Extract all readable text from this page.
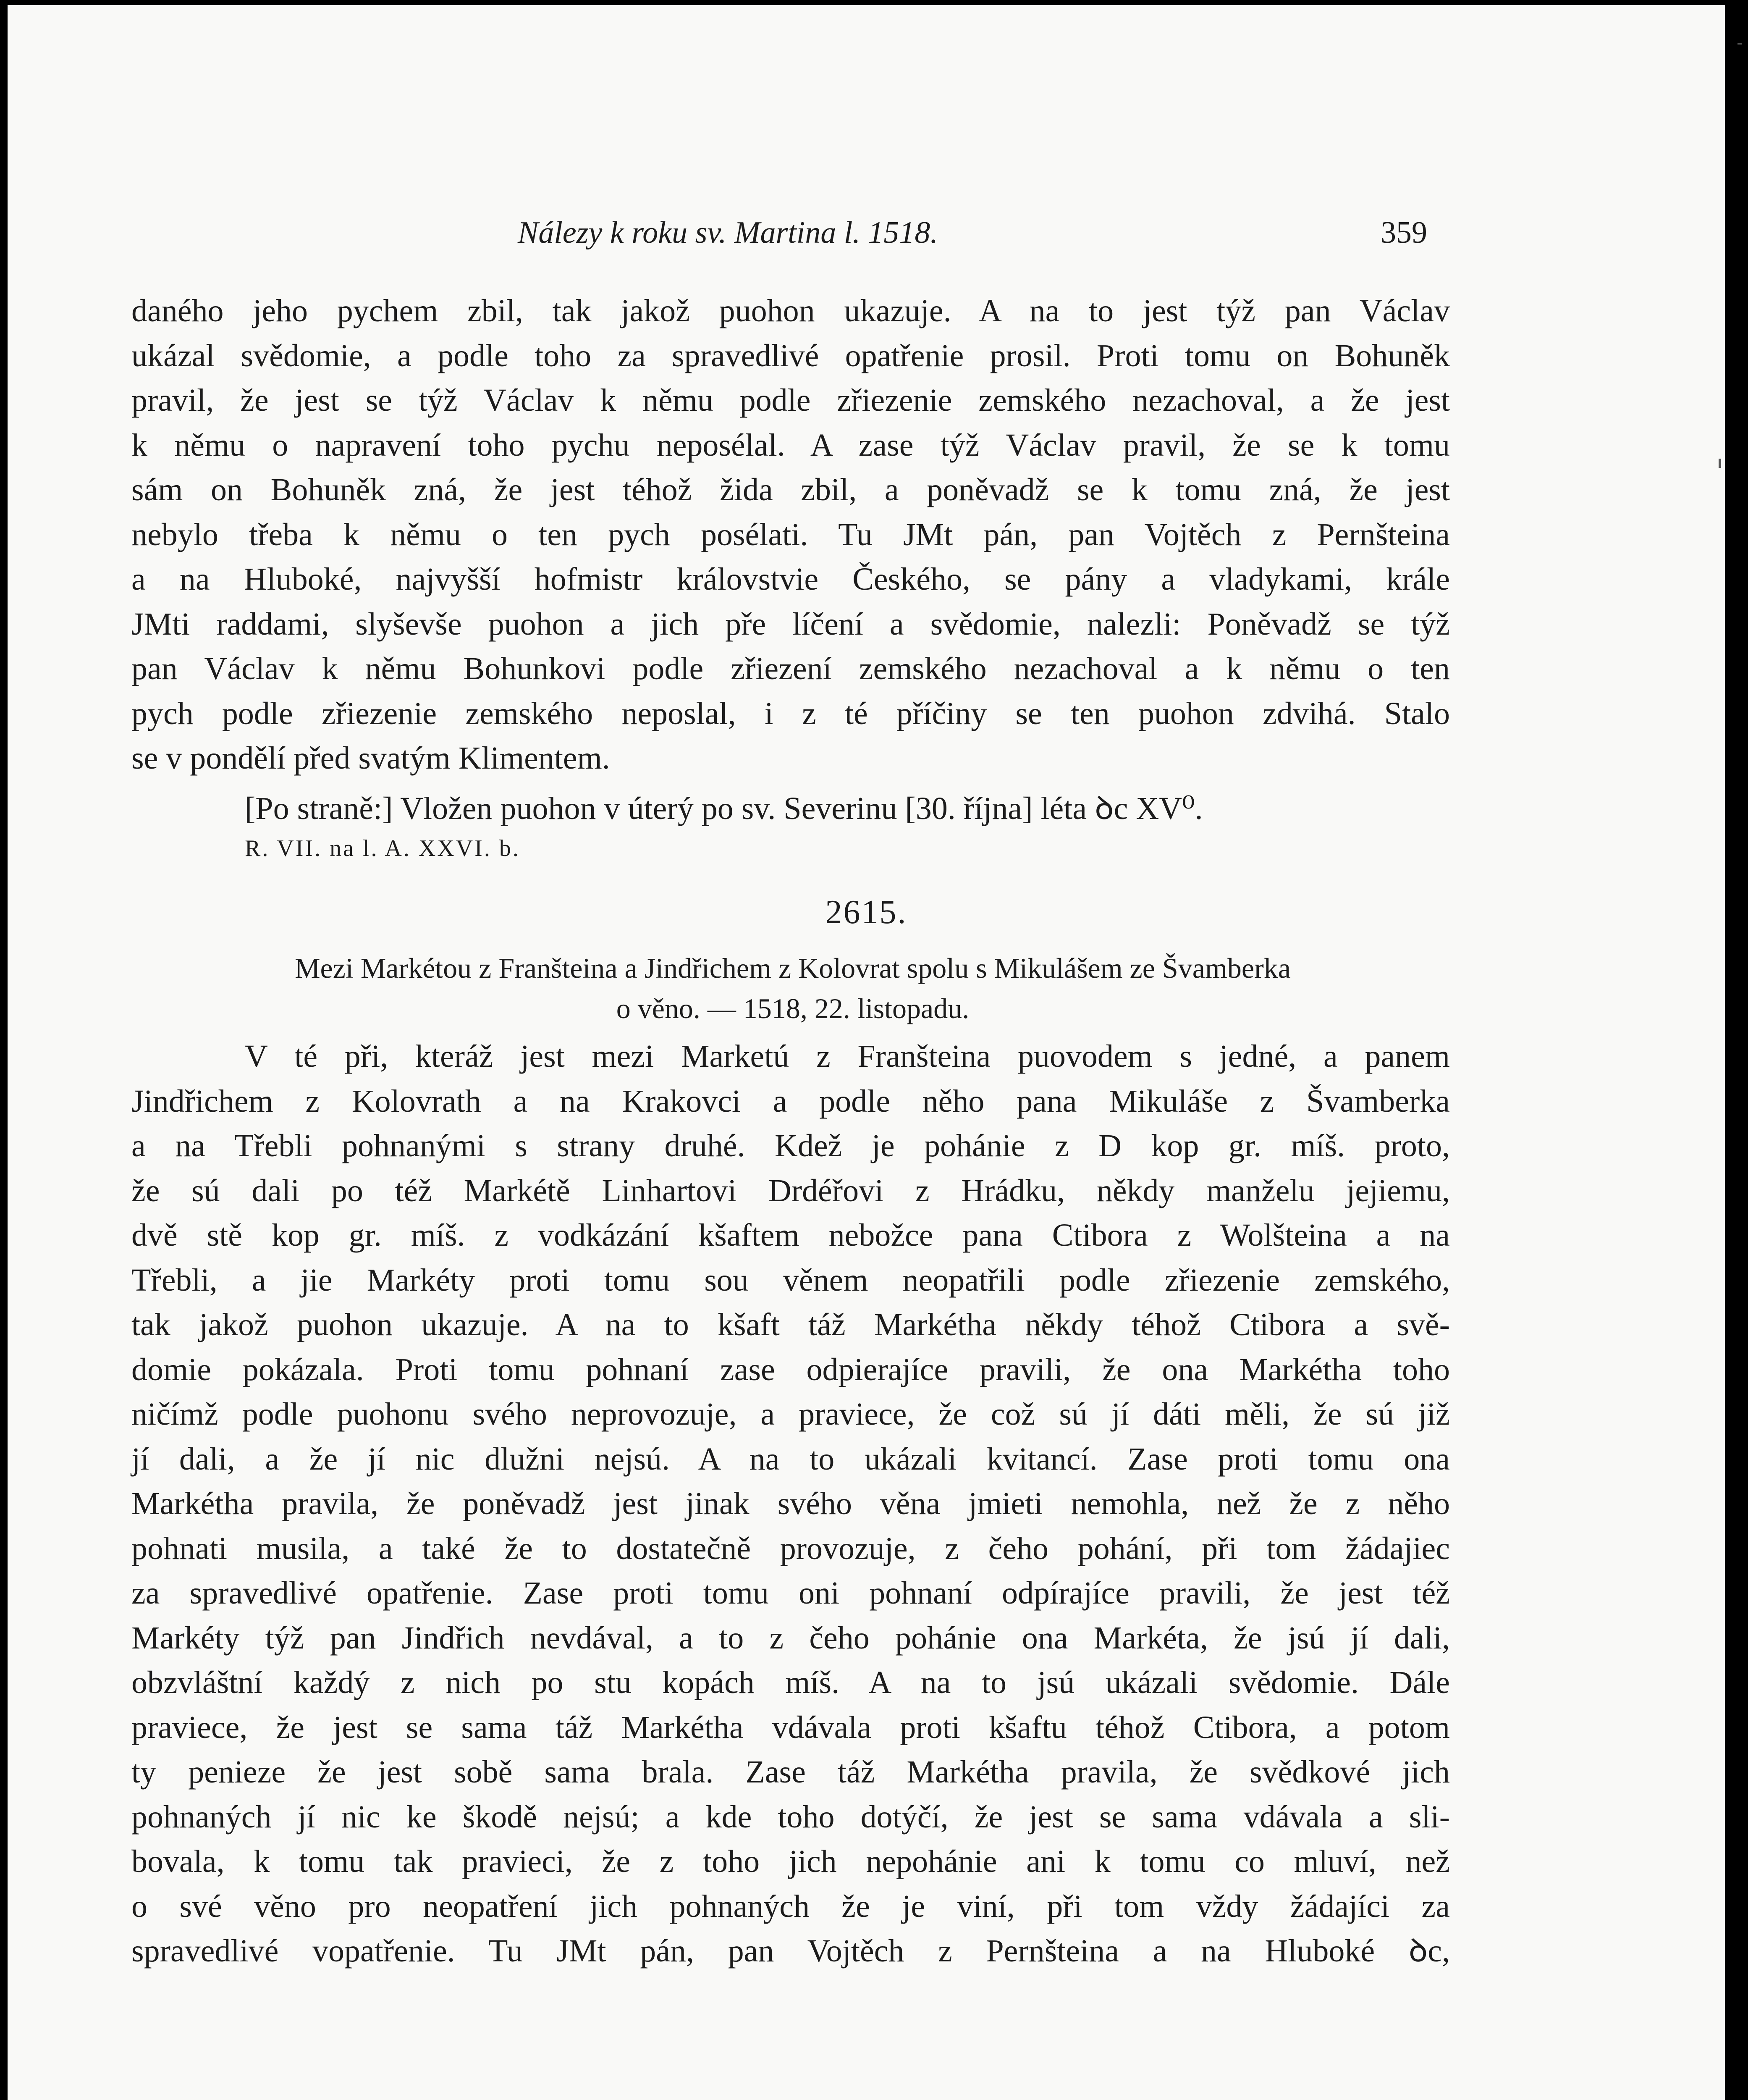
Nálezy k roku sv. Martina l. 1518.	359
daného jeho pychem zbil, tak jakož puohon ukazuje. A na to jest týž pan Václav
ukázal svědomie, a podle toho za spravedlivé opatřenie prosil. Proti tomu on Bohuněk
pravil, že jest se týž Václav k němu podle zřiezenie zemského nezachoval, a že jest
k němu o napravení toho pychu neposélal. A zase týž Václav pravil, že se k tomu
sám on Bohuněk zná, že jest téhož žida zbil, a poněvadž se k tomu zná, že jest
nebylo třeba k němu o ten pych posélati. Tu JMt pán, pan Vojtěch z Pernšteina
a na Hluboké, najvyšší hofmistr královstvie Českého, se pány a vladykami, krále
JMti raddami, slyševše puohon a jich pře líčení a svědomie, nalezli: Poněvadž se týž
pan Václav k němu Bohunkovi podle zřiezení zemského nezachoval a k němu o ten
pych podle zřiezenie zemského neposlal, i z té příčiny se ten puohon zdvihá. Stalo
se v pondělí před svatým Klimentem.
[Po straně:] Vložen puohon v úterý po sv. Severinu [30. října] léta ꝺc XV⁰.
R. VII. na l. A. XXVI. b.
2615.
Mezi Markétou z Franšteina a Jindřichem z Kolovrat spolu s Mikulášem ze Švamberka
o věno. — 1518, 22. listopadu.
V té při, kteráž jest mezi Marketú z Franšteina puovodem s jedné, a panem
Jindřichem z Kolovrath a na Krakovci a podle něho pana Mikuláše z Švamberka
a na Třebli pohnanými s strany druhé. Kdež je pohánie z D kop gr. míš. proto,
že sú dali po též Markétě Linhartovi Drdéřovi z Hrádku, někdy manželu jejiemu,
dvě stě kop gr. míš. z vodkázání kšaftem nebožce pana Ctibora z Wolšteina a na
Třebli, a jie Markéty proti tomu sou věnem neopatřili podle zřiezenie zemského,
tak jakož puohon ukazuje. A na to kšaft táž Markétha někdy téhož Ctibora a svě-
domie pokázala. Proti tomu pohnaní zase odpierajíce pravili, že ona Markétha toho
ničímž podle puohonu svého neprovozuje, a praviece, že což sú jí dáti měli, že sú již
jí dali, a že jí nic dlužni nejsú. A na to ukázali kvitancí. Zase proti tomu ona
Markétha pravila, že poněvadž jest jinak svého věna jmieti nemohla, než že z něho
pohnati musila, a také že to dostatečně provozuje, z čeho pohání, při tom žádajiec
za spravedlivé opatřenie. Zase proti tomu oni pohnaní odpírajíce pravili, že jest též
Markéty týž pan Jindřich nevdával, a to z čeho pohánie ona Markéta, že jsú jí dali,
obzvláštní každý z nich po stu kopách míš. A na to jsú ukázali svědomie. Dále
praviece, že jest se sama táž Markétha vdávala proti kšaftu téhož Ctibora, a potom
ty penieze že jest sobě sama brala. Zase táž Markétha pravila, že svědkové jich
pohnaných jí nic ke škodě nejsú; a kde toho dotýčí, že jest se sama vdávala a sli-
bovala, k tomu tak pravieci, že z toho jich nepohánie ani k tomu co mluví, než
o své věno pro neopatření jich pohnaných že je viní, při tom vždy žádajíci za
spravedlivé vopatřenie. Tu JMt pán, pan Vojtěch z Pernšteina a na Hluboké ꝺc,
